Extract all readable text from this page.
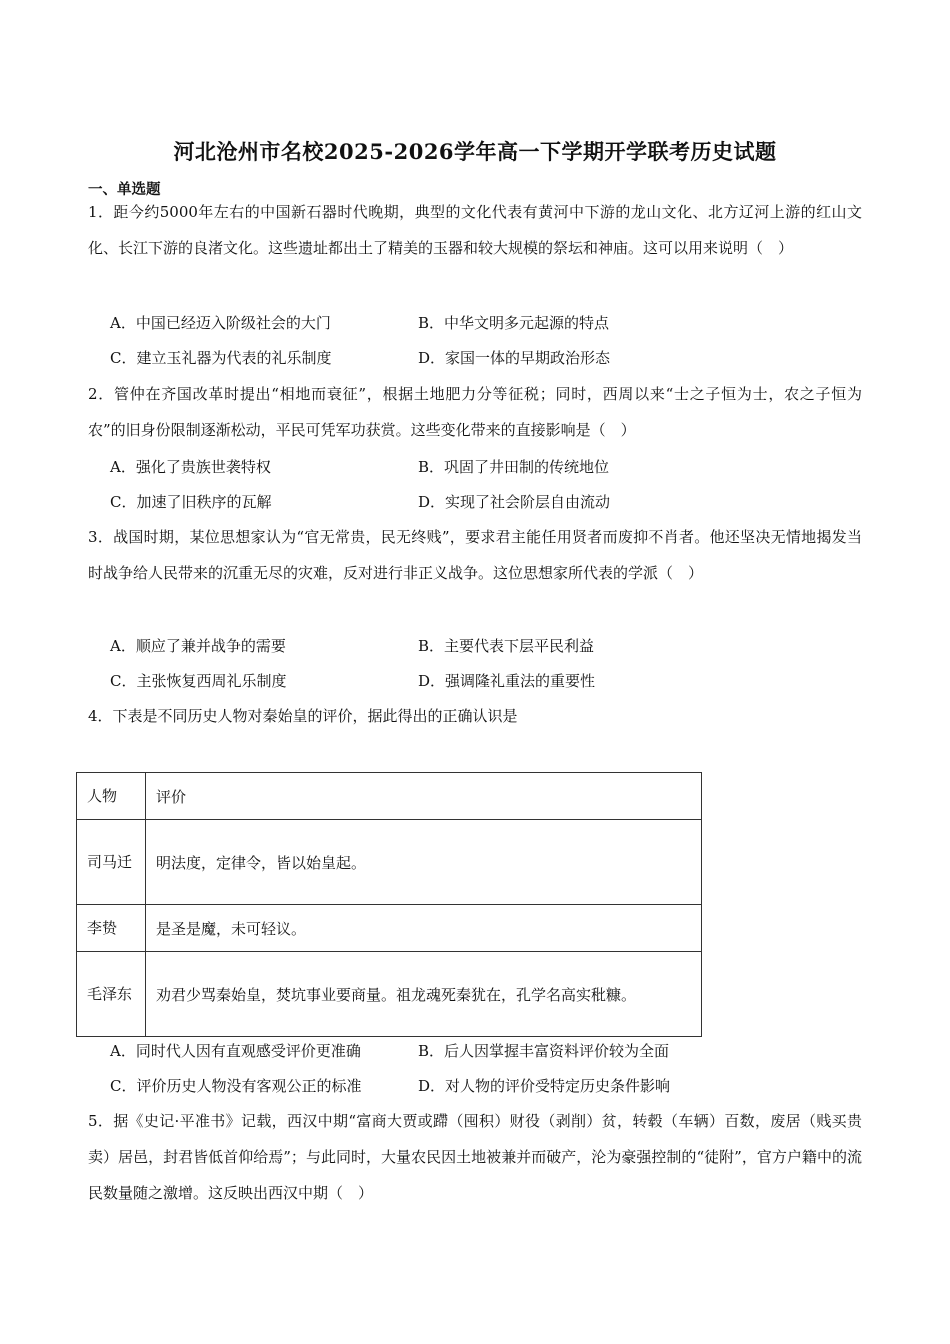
河北沧州市名校2025-2026学年高一下学期开学联考历史试题
一、单选题
1．距今约5000年左右的中国新石器时代晚期，典型的文化代表有黄河中下游的龙山文化、北方辽河上游的红山文化、长江下游的良渚文化。这些遗址都出土了精美的玉器和较大规模的祭坛和神庙。这可以用来说明（　）
A．中国已经迈入阶级社会的大门	B．中华文明多元起源的特点
C．建立玉礼器为代表的礼乐制度	D．家国一体的早期政治形态
2．管仲在齐国改革时提出“相地而衰征”，根据土地肥力分等征税；同时，西周以来“士之子恒为士，农之子恒为农”的旧身份限制逐渐松动，平民可凭军功获赏。这些变化带来的直接影响是（　）
A．强化了贵族世袭特权	B．巩固了井田制的传统地位
C．加速了旧秩序的瓦解	D．实现了社会阶层自由流动
3．战国时期，某位思想家认为“官无常贵，民无终贱”，要求君主能任用贤者而废抑不肖者。他还坚决无情地揭发当时战争给人民带来的沉重无尽的灾难，反对进行非正义战争。这位思想家所代表的学派（　）
A．顺应了兼并战争的需要	B．主要代表下层平民利益
C．主张恢复西周礼乐制度	D．强调隆礼重法的重要性
4．下表是不同历史人物对秦始皇的评价，据此得出的正确认识是
人物	评价
司马迁	明法度，定律令，皆以始皇起。
李贽	是圣是魔，未可轻议。
毛泽东	劝君少骂秦始皇，焚坑事业要商量。祖龙魂死秦犹在，孔学名高实秕糠。
A．同时代人因有直观感受评价更准确	B．后人因掌握丰富资料评价较为全面
C．评价历史人物没有客观公正的标准	D．对人物的评价受特定历史条件影响
5．据《史记·平准书》记载，西汉中期“富商大贾或蹛（囤积）财役（剥削）贫，转毂（车辆）百数，废居（贱买贵卖）居邑，封君皆低首仰给焉”；与此同时，大量农民因土地被兼并而破产，沦为豪强控制的“徒附”，官方户籍中的流民数量随之激增。这反映出西汉中期（　）
